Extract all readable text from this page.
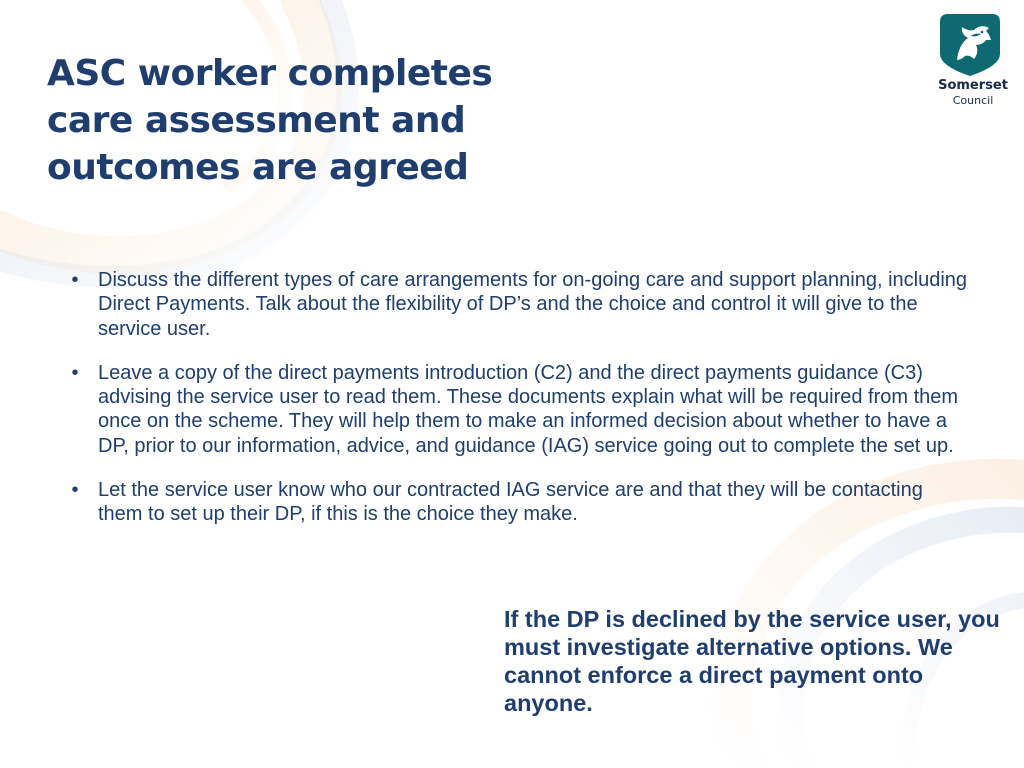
ASC worker completes
care assessment and
outcomes are agreed
Somerset
Council
• Discuss the different types of care arrangements for on-going care and support planning, including Direct Payments. Talk about the flexibility of DP’s and the choice and control it will give to the service user.
• Leave a copy of the direct payments introduction (C2) and the direct payments guidance (C3) advising the service user to read them. These documents explain what will be required from them once on the scheme. They will help them to make an informed decision about whether to have a DP, prior to our information, advice, and guidance (IAG) service going out to complete the set up.
• Let the service user know who our contracted IAG service are and that they will be contacting them to set up their DP, if this is the choice they make.

If the DP is declined by the service user, you must investigate alternative options. We cannot enforce a direct payment onto anyone.
